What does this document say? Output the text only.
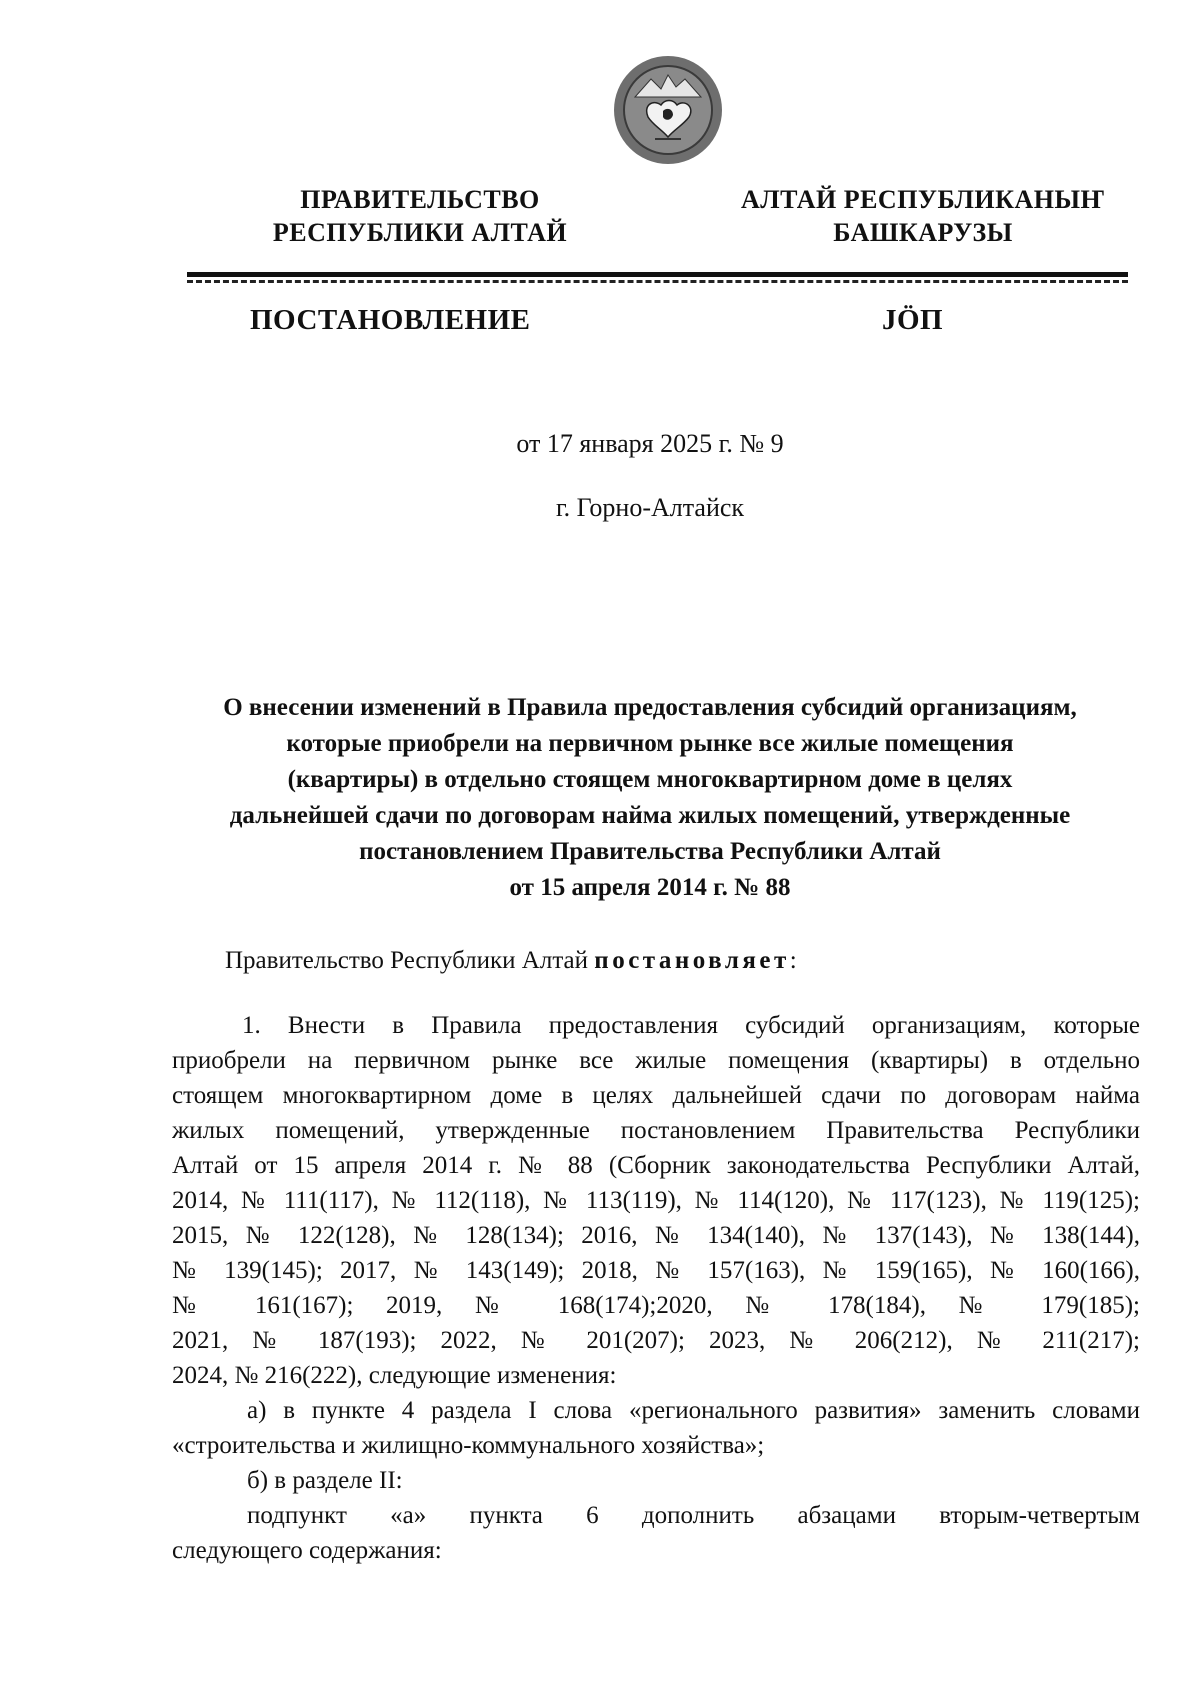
ПРАВИТЕЛЬСТВО
РЕСПУБЛИКИ АЛТАЙ
АЛТАЙ РЕСПУБЛИКАНЫҤ
БАШКАРУЗЫ
ПОСТАНОВЛЕНИЕ	JÖП
от 17 января 2025 г. № 9
г. Горно-Алтайск
О внесении изменений в Правила предоставления субсидий организациям,
которые приобрели на первичном рынке все жилые помещения
(квартиры) в отдельно стоящем многоквартирном доме в целях
дальнейшей сдачи по договорам найма жилых помещений, утвержденные
постановлением Правительства Республики Алтай
от 15 апреля 2014 г. № 88
Правительство Республики Алтай постановляет:
1. Внести в Правила предоставления субсидий организациям, которые
приобрели на первичном рынке все жилые помещения (квартиры) в отдельно
стоящем многоквартирном доме в целях дальнейшей сдачи по договорам найма
жилых помещений, утвержденные постановлением Правительства Республики
Алтай от 15 апреля 2014 г. № 88 (Сборник законодательства Республики Алтай,
2014, № 111(117), № 112(118), № 113(119), № 114(120), № 117(123), № 119(125);
2015, № 122(128), № 128(134); 2016, № 134(140), № 137(143), № 138(144),
№ 139(145); 2017, № 143(149); 2018, № 157(163), № 159(165), № 160(166),
№ 161(167); 2019, № 168(174);2020, № 178(184), № 179(185);
2021, № 187(193); 2022, № 201(207); 2023, № 206(212), № 211(217);
2024, № 216(222), следующие изменения:
а) в пункте 4 раздела I слова «регионального развития» заменить словами
«строительства и жилищно-коммунального хозяйства»;
б) в разделе II:
подпункт «а» пункта 6 дополнить абзацами вторым-четвертым
следующего содержания:
